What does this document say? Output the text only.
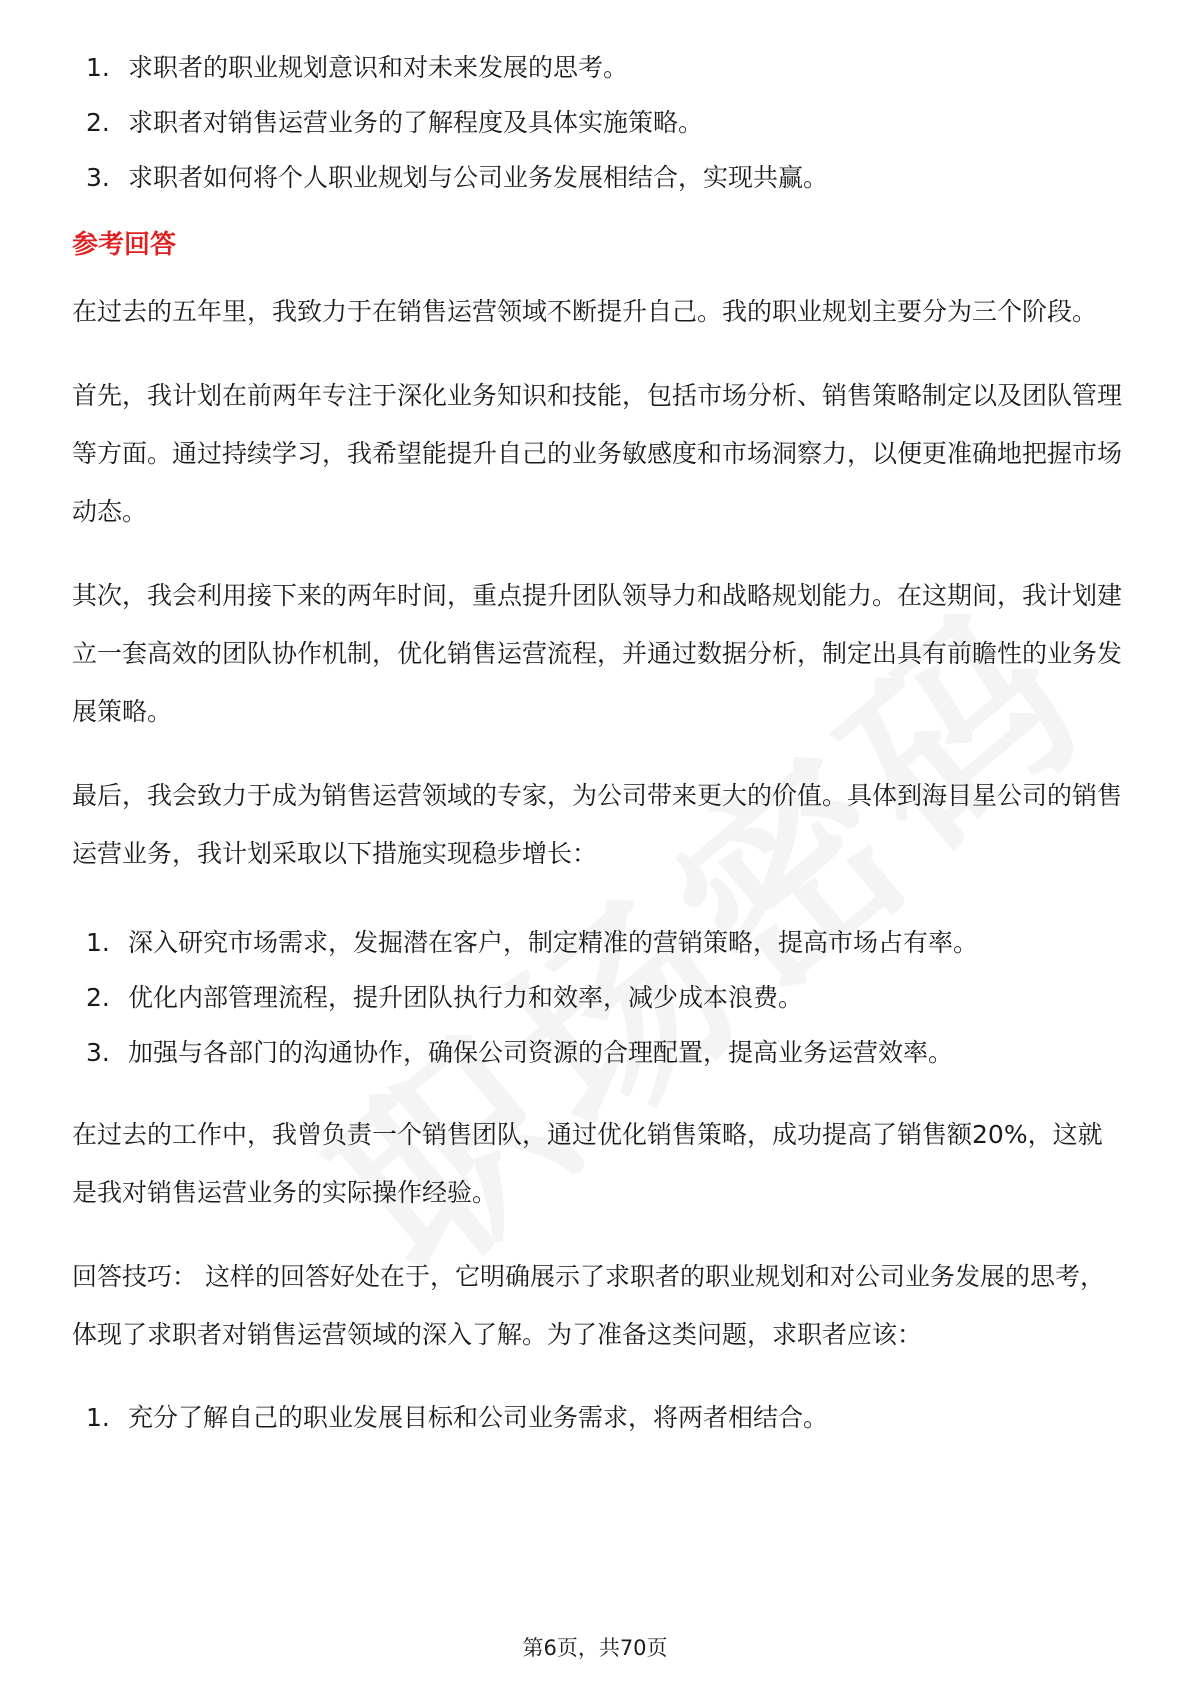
1. 求职者的职业规划意识和对未来发展的思考。
2. 求职者对销售运营业务的了解程度及具体实施策略。
3. 求职者如何将个人职业规划与公司业务发展相结合，实现共赢。
参考回答

在过去的五年里，我致力于在销售运营领域不断提升自己。我的职业规划主要分为三个阶段。

首先，我计划在前两年专注于深化业务知识和技能，包括市场分析、销售策略制定以及团队管理等方面。通过持续学习，我希望能提升自己的业务敏感度和市场洞察力，以便更准确地把握市场动态。

其次，我会利用接下来的两年时间，重点提升团队领导力和战略规划能力。在这期间，我计划建立一套高效的团队协作机制，优化销售运营流程，并通过数据分析，制定出具有前瞻性的业务发展策略。

最后，我会致力于成为销售运营领域的专家，为公司带来更大的价值。具体到海目星公司的销售运营业务，我计划采取以下措施实现稳步增长：

1. 深入研究市场需求，发掘潜在客户，制定精准的营销策略，提高市场占有率。
2. 优化内部管理流程，提升团队执行力和效率，减少成本浪费。
3. 加强与各部门的沟通协作，确保公司资源的合理配置，提高业务运营效率。

在过去的工作中，我曾负责一个销售团队，通过优化销售策略，成功提高了销售额20%，这就是我对销售运营业务的实际操作经验。

回答技巧： 这样的回答好处在于，它明确展示了求职者的职业规划和对公司业务发展的思考，体现了求职者对销售运营领域的深入了解。为了准备这类问题，求职者应该：

1. 充分了解自己的职业发展目标和公司业务需求，将两者相结合。
第6页，共70页
